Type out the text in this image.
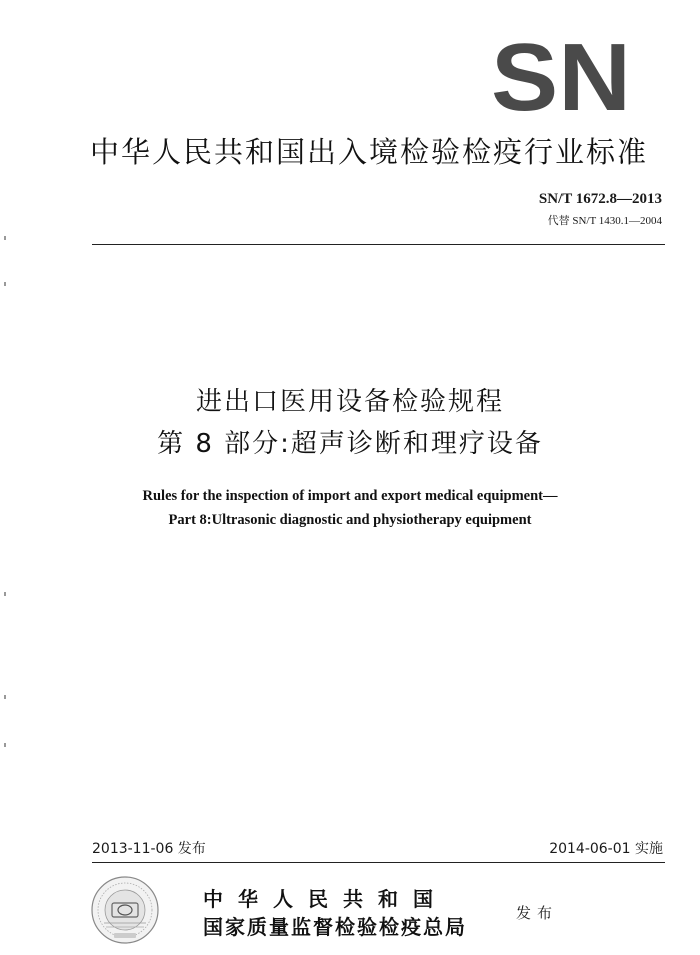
SN
中华人民共和国出入境检验检疫行业标准
SN/T 1672.8—2013
代替 SN/T 1430.1—2004
进出口医用设备检验规程
第 8 部分:超声诊断和理疗设备
Rules for the inspection of import and export medical equipment—
Part 8:Ultrasonic diagnostic and physiotherapy equipment
2013-11-06 发布	2014-06-01 实施
中华人民共和国
国家质量监督检验检疫总局
发布
